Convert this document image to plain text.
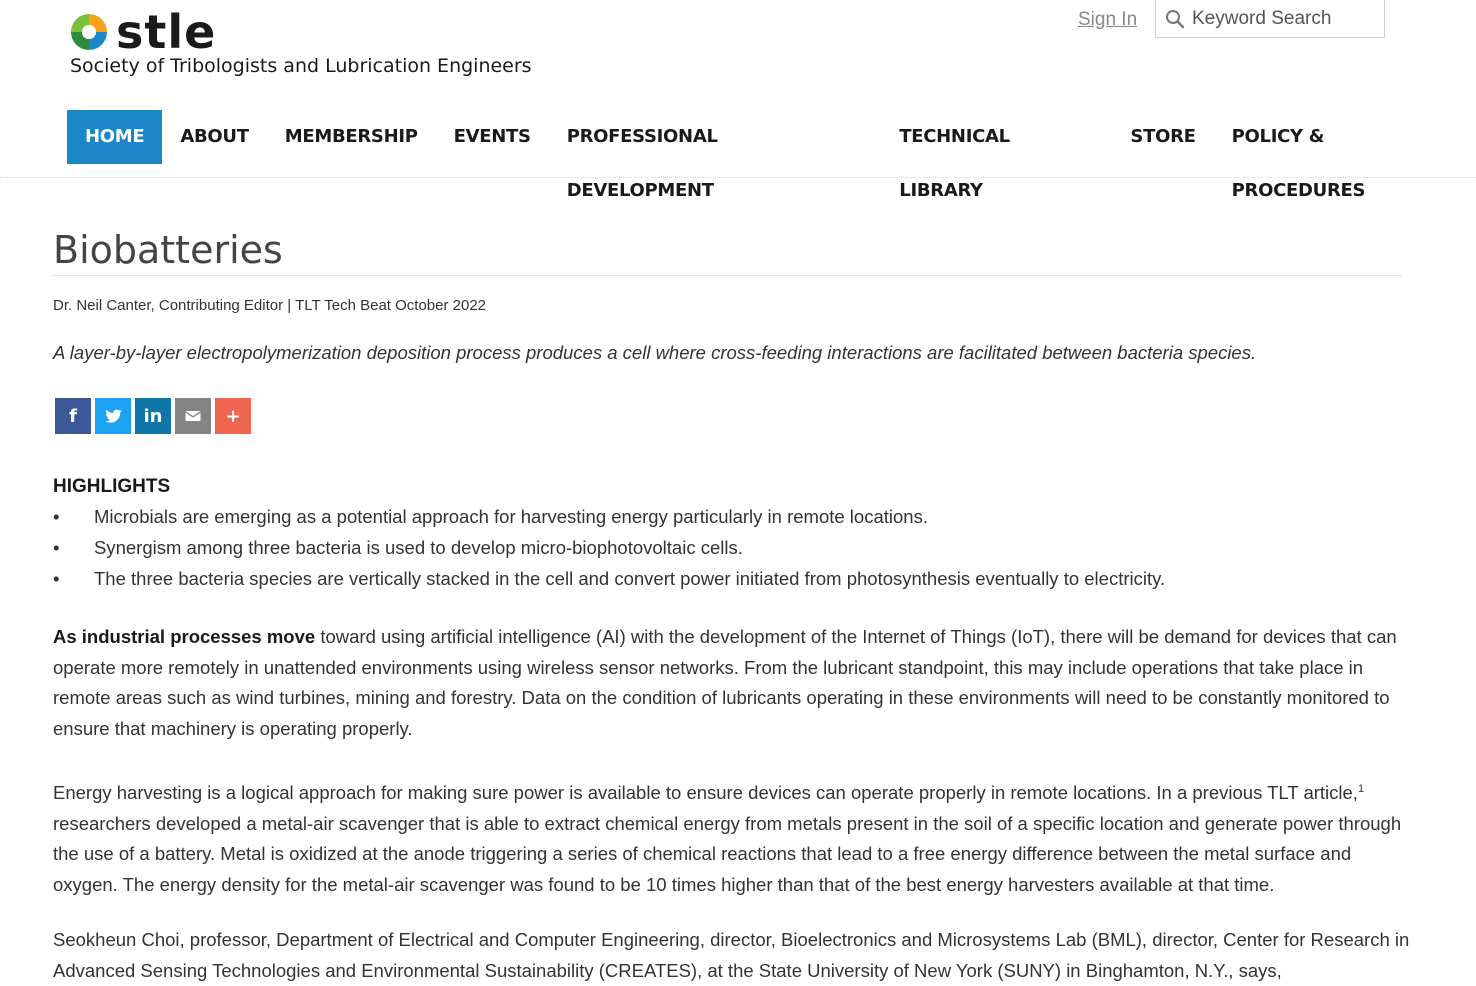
stle
Society of Tribologists and Lubrication Engineers
Sign In
Keyword Search
HOME	ABOUT	MEMBERSHIP	EVENTS	PROFESSIONAL DEVELOPMENT
TECHNICAL LIBRARY
STORE	POLICY & PROCEDURES
Biobatteries
Dr. Neil Canter, Contributing Editor | TLT Tech Beat October 2022
A layer-by-layer electropolymerization deposition process produces a cell where cross-feeding interactions are facilitated between bacteria species.
f	in	+
HIGHLIGHTS
• Microbials are emerging as a potential approach for harvesting energy particularly in remote locations.
• Synergism among three bacteria is used to develop micro-biophotovoltaic cells.
• The three bacteria species are vertically stacked in the cell and convert power initiated from photosynthesis eventually to electricity.

As industrial processes move toward using artificial intelligence (AI) with the development of the Internet of Things (IoT), there will be demand for devices that can operate more remotely in unattended environments using wireless sensor networks. From the lubricant standpoint, this may include operations that take place in remote areas such as wind turbines, mining and forestry. Data on the condition of lubricants operating in these environments will need to be constantly monitored to ensure that machinery is operating properly.

Energy harvesting is a logical approach for making sure power is available to ensure devices can operate properly in remote locations. In a previous TLT article,$^1$ researchers developed a metal-air scavenger that is able to extract chemical energy from metals present in the soil of a specific location and generate power through the use of a battery. Metal is oxidized at the anode triggering a series of chemical reactions that lead to a free energy difference between the metal surface and oxygen. The energy density for the metal-air scavenger was found to be 10 times higher than that of the best energy harvesters available at that time.

Seokheun Choi, professor, Department of Electrical and Computer Engineering, director, Bioelectronics and Microsystems Lab (BML), director, Center for Research in Advanced Sensing Technologies and Environmental Sustainability (CREATES), at the State University of New York (SUNY) in Binghamton, N.Y., says,
